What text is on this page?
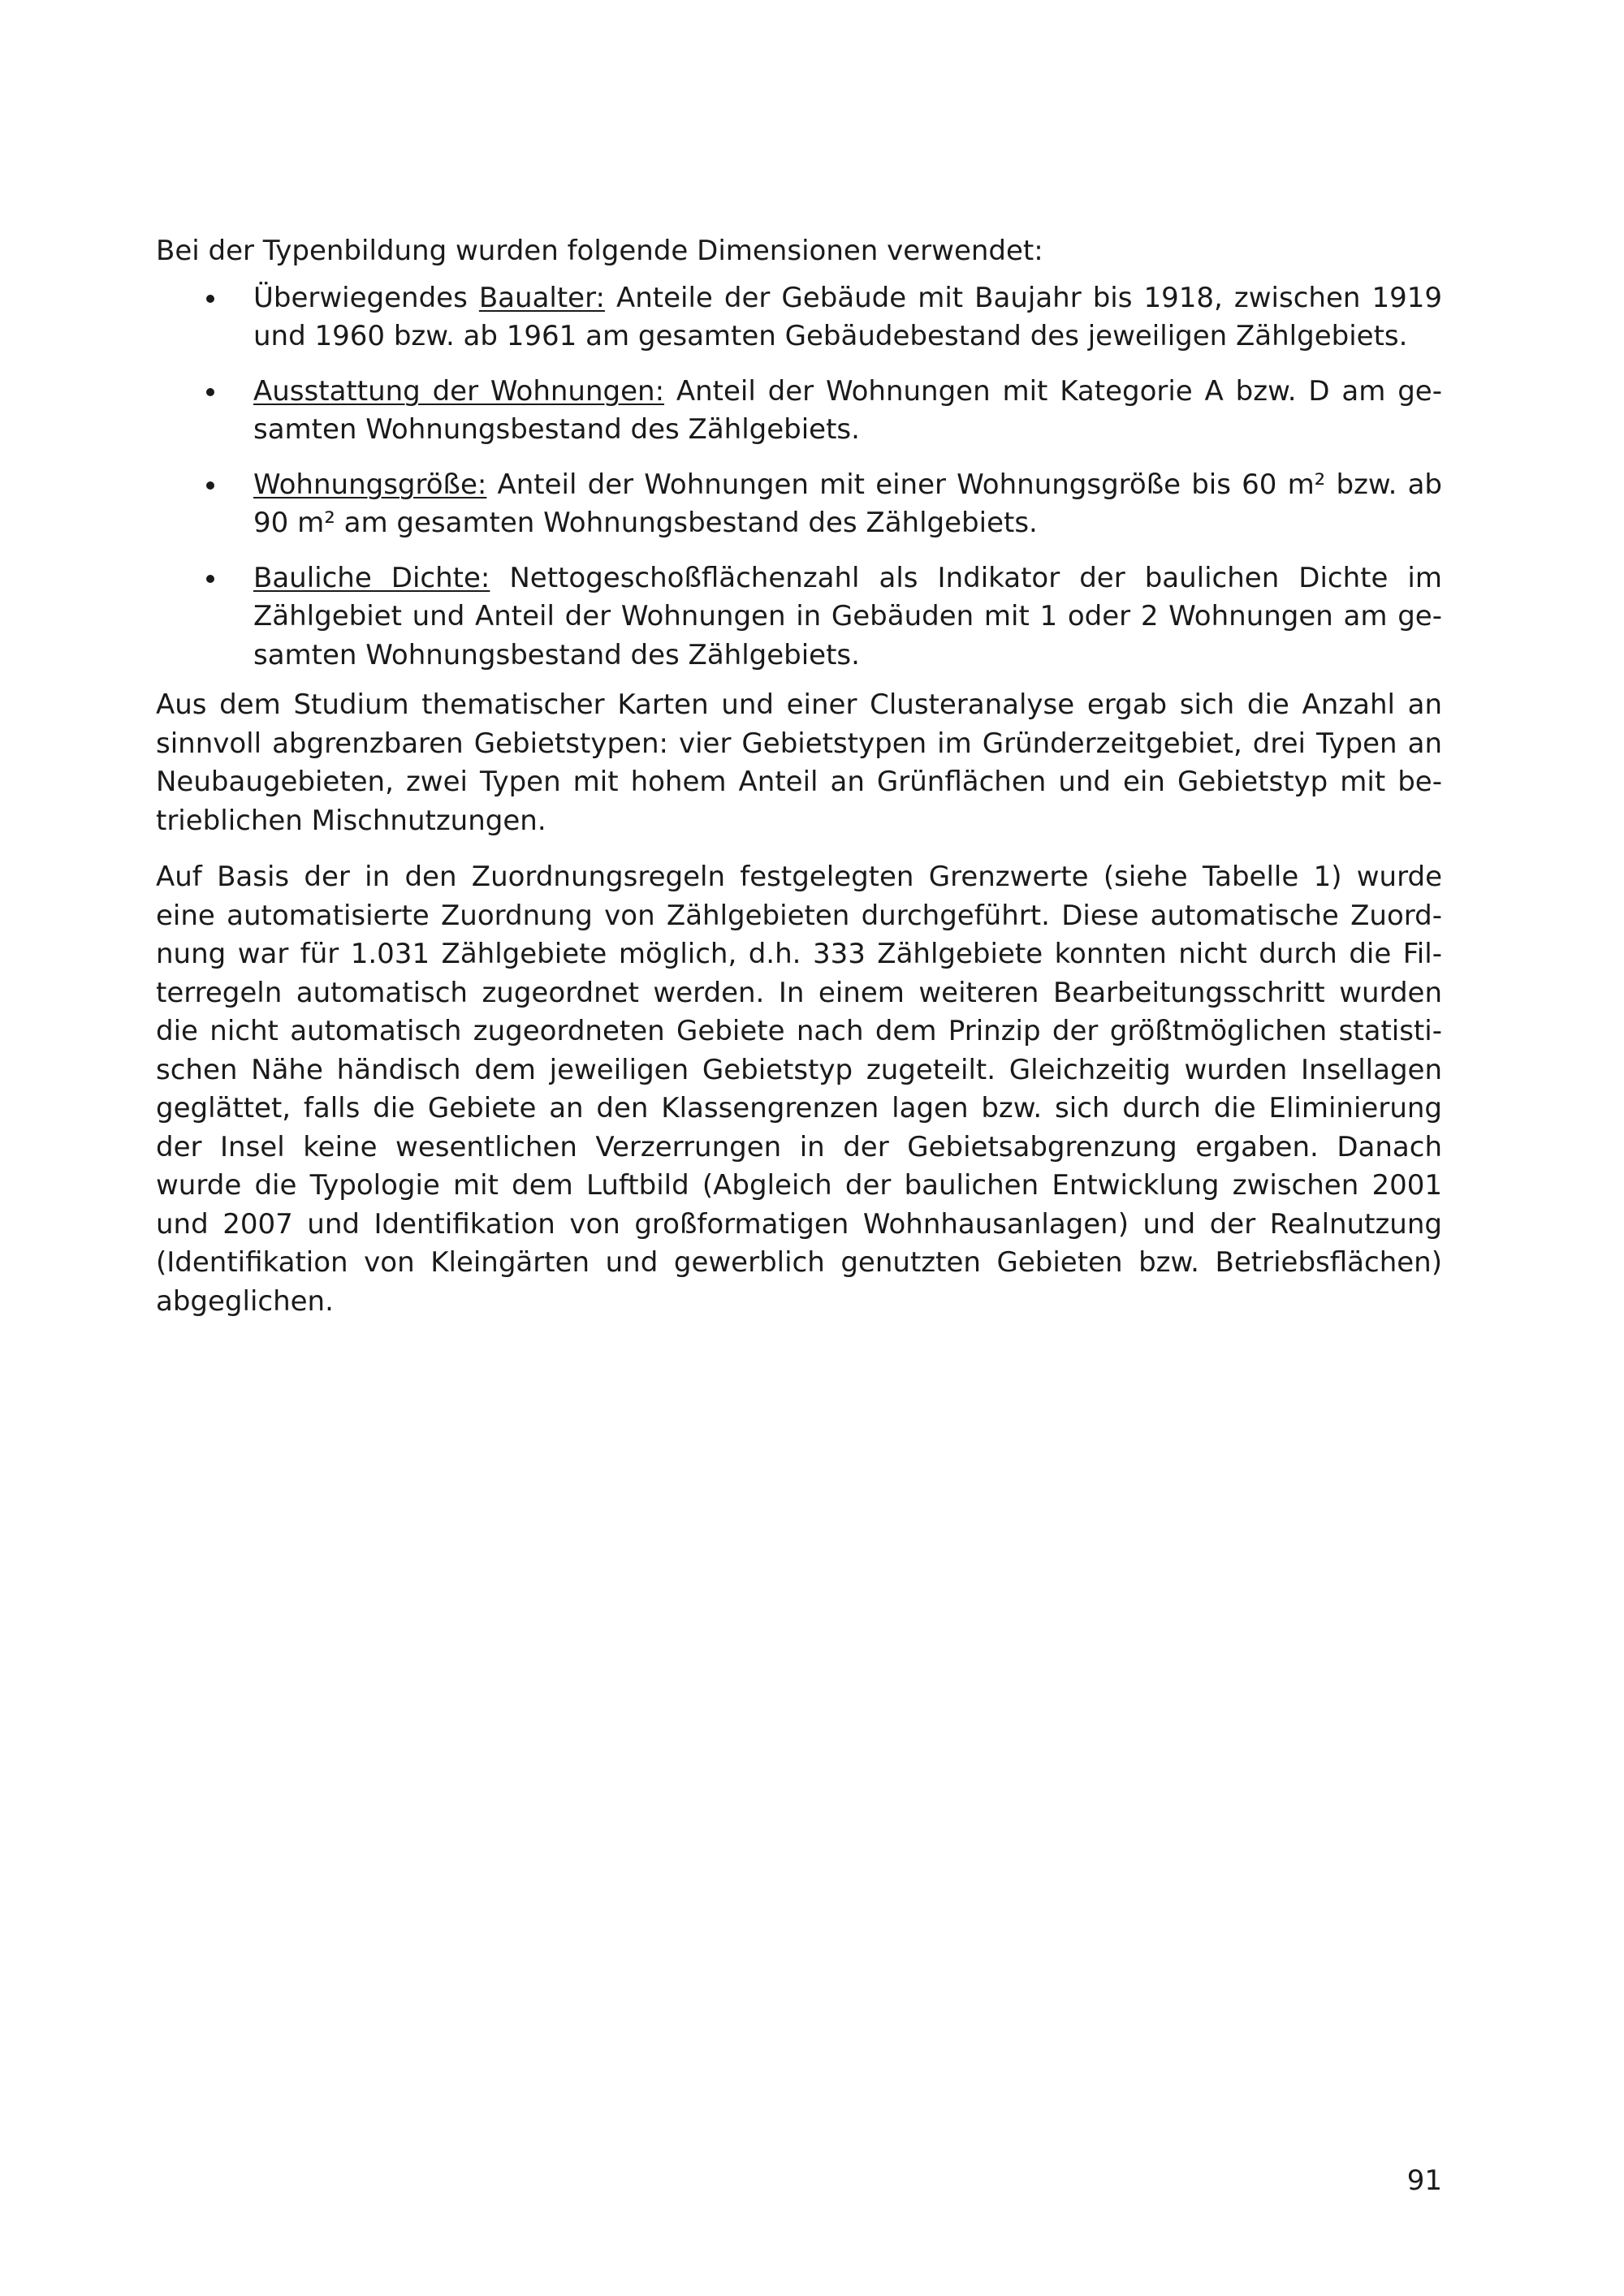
Bei der Typenbildung wurden folgende Dimensionen verwendet:

Überwiegendes Baualter: Anteile der Gebäude mit Baujahr bis 1918, zwischen 1919 und 1960 bzw. ab 1961 am gesamten Gebäudebestand des jeweiligen Zählgebiets.
Ausstattung der Wohnungen: Anteil der Wohnungen mit Kategorie A bzw. D am gesamten Wohnungsbestand des Zählgebiets.
Wohnungsgröße: Anteil der Wohnungen mit einer Wohnungsgröße bis 60 m² bzw. ab 90 m² am gesamten Wohnungsbestand des Zählgebiets.
Bauliche Dichte: Nettogeschoßflächenzahl als Indikator der baulichen Dichte im Zählgebiet und Anteil der Wohnungen in Gebäuden mit 1 oder 2 Wohnungen am gesamten Wohnungsbestand des Zählgebiets.

Aus dem Studium thematischer Karten und einer Clusteranalyse ergab sich die Anzahl an sinnvoll abgrenzbaren Gebietstypen: vier Gebietstypen im Gründerzeitgebiet, drei Typen an Neubaugebieten, zwei Typen mit hohem Anteil an Grünflächen und ein Gebietstyp mit betrieblichen Mischnutzungen.

Auf Basis der in den Zuordnungsregeln festgelegten Grenzwerte (siehe Tabelle 1) wurde eine automatisierte Zuordnung von Zählgebieten durchgeführt. Diese automatische Zuordnung war für 1.031 Zählgebiete möglich, d.h. 333 Zählgebiete konnten nicht durch die Filterregeln automatisch zugeordnet werden. In einem weiteren Bearbeitungsschritt wurden die nicht automatisch zugeordneten Gebiete nach dem Prinzip der größtmöglichen statistischen Nähe händisch dem jeweiligen Gebietstyp zugeteilt. Gleichzeitig wurden Insellagen geglättet, falls die Gebiete an den Klassengrenzen lagen bzw. sich durch die Eliminierung der Insel keine wesentlichen Verzerrungen in der Gebietsabgrenzung ergaben. Danach wurde die Typologie mit dem Luftbild (Abgleich der baulichen Entwicklung zwischen 2001 und 2007 und Identifikation von großformatigen Wohnhausanlagen) und der Realnutzung (Identifikation von Kleingärten und gewerblich genutzten Gebieten bzw. Betriebsflächen) abgeglichen.

91
